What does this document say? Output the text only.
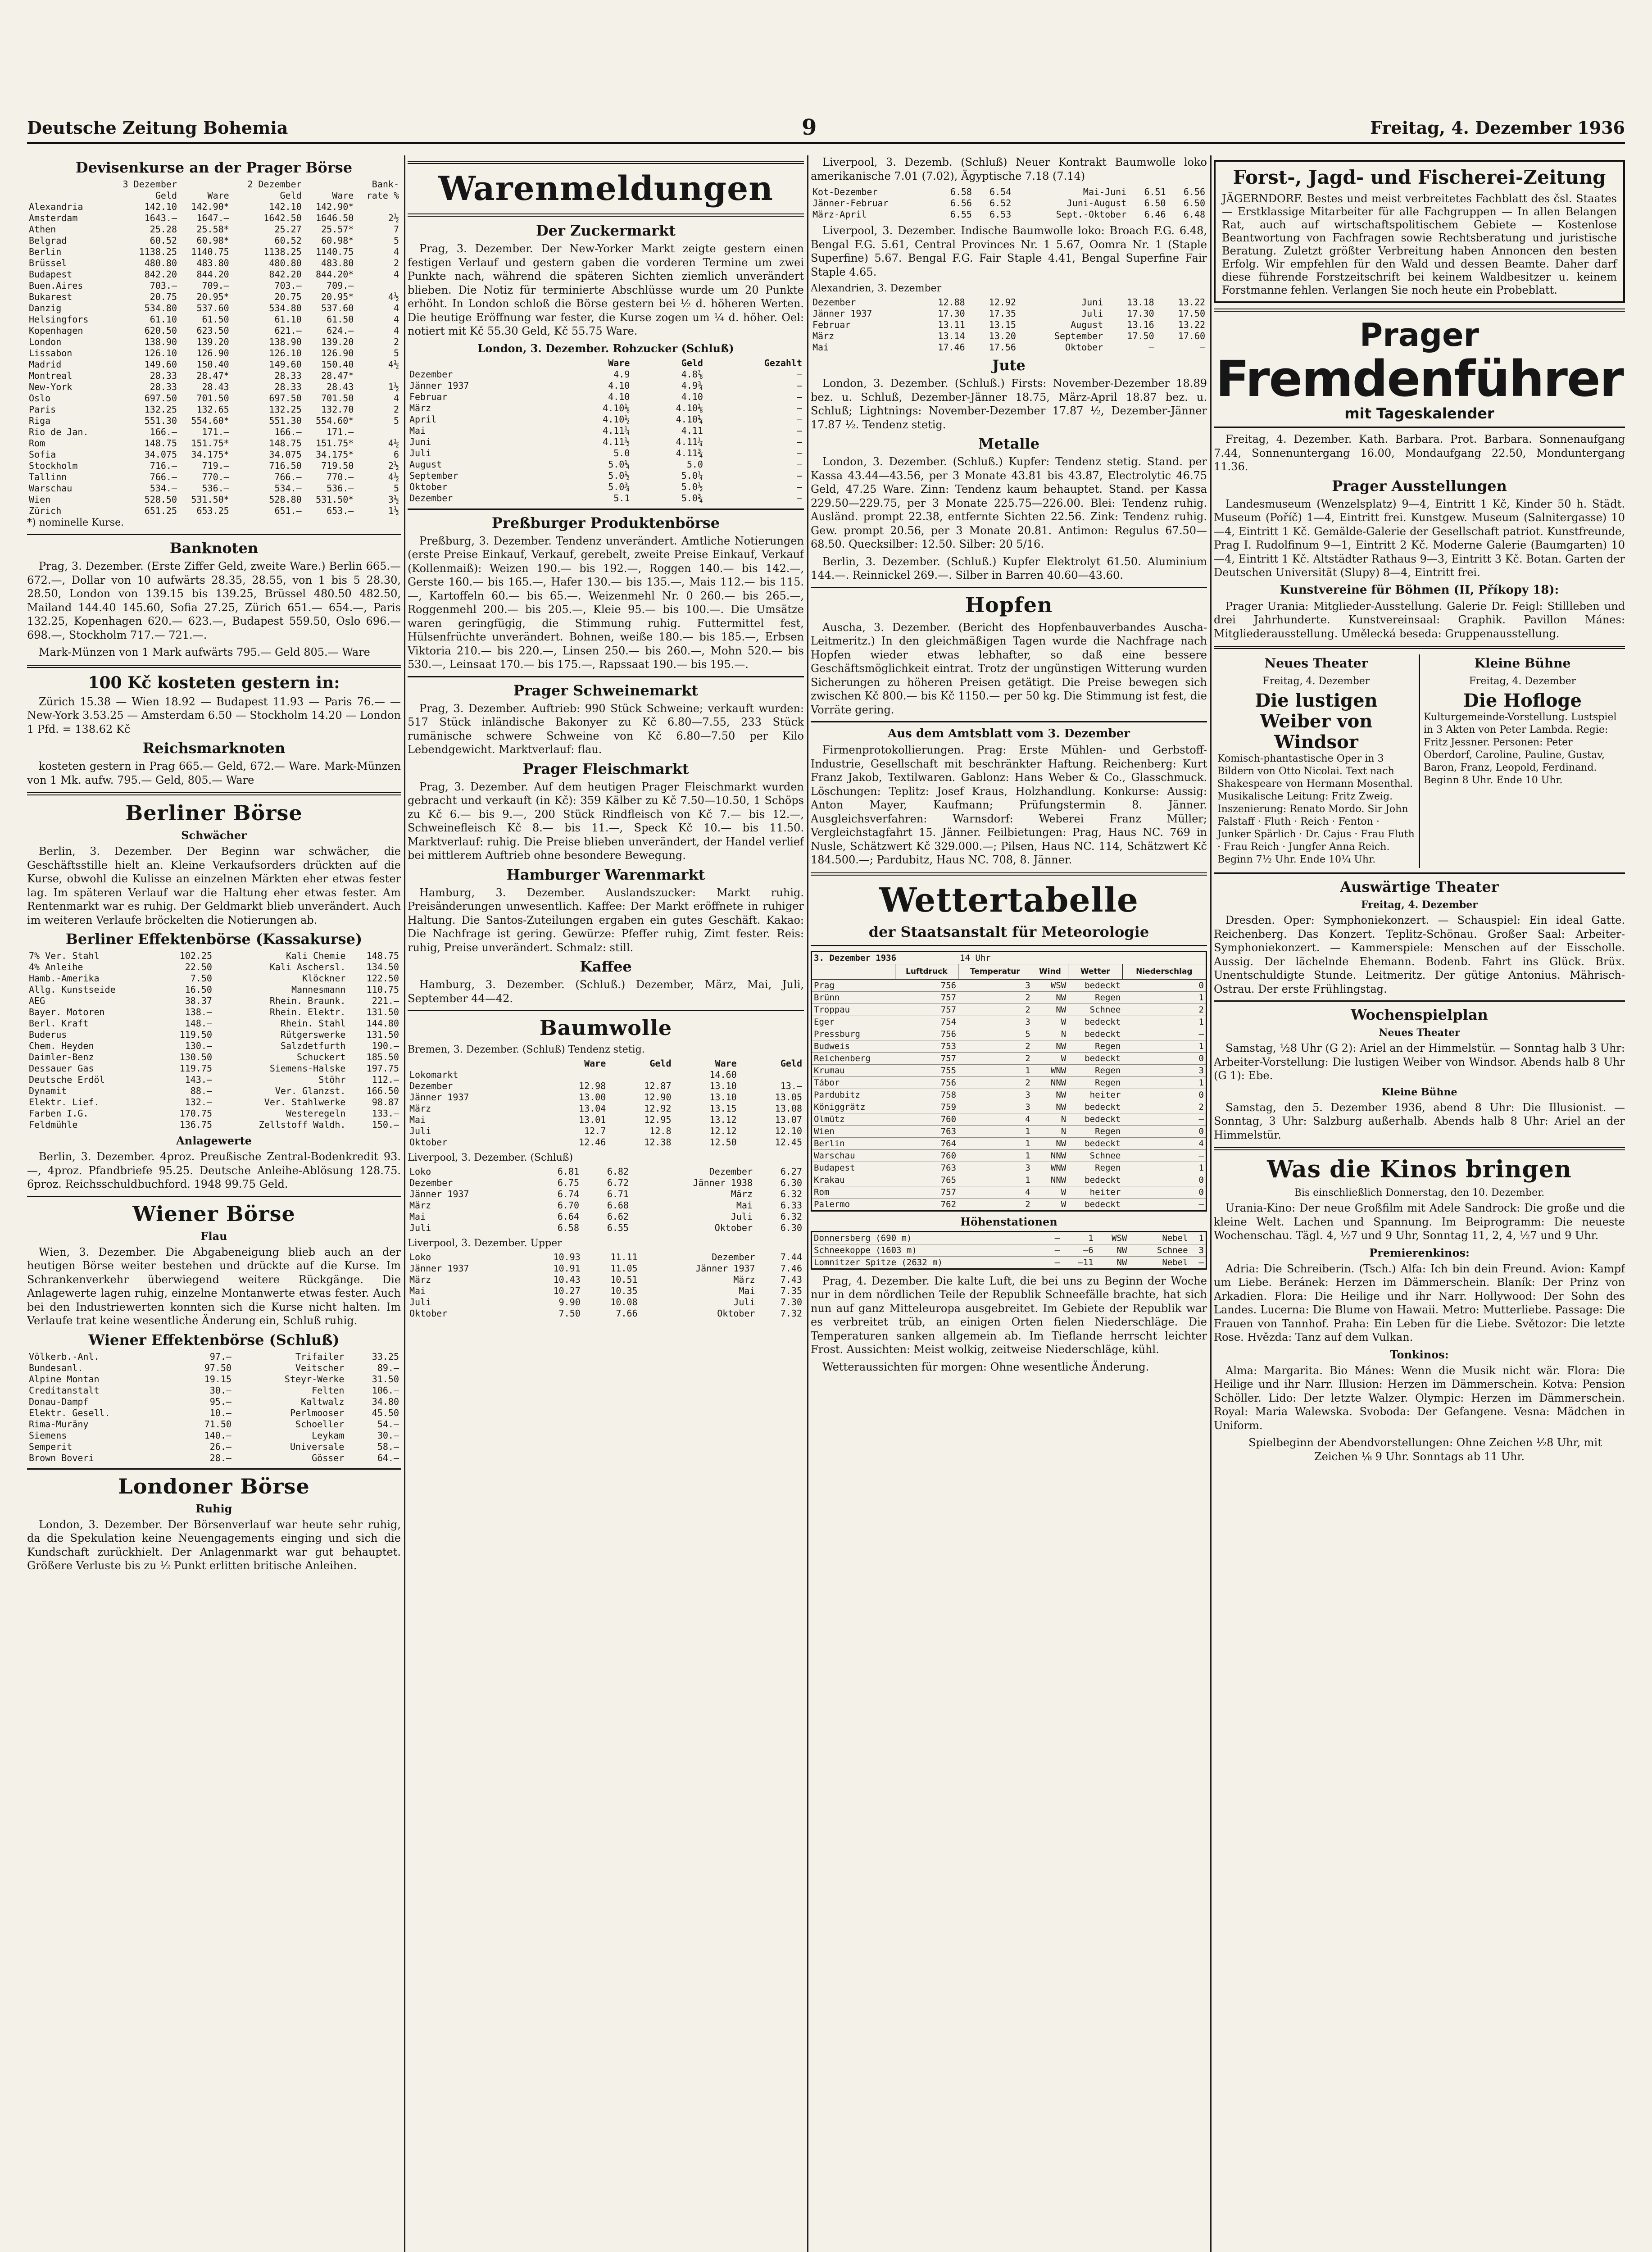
Deutsche Zeitung Bohemia	9	Freitag, 4. Dezember 1936
Devisenkurse an der Prager Börse
	3 Dezember		2 Dezember		Bank-
	Geld	Ware	Geld	Ware	rate %
Alexandria	142.10	142.90*	142.10	142.90*	
Amsterdam	1643.—	1647.—	1642.50	1646.50	2½
Athen	25.28	25.58*	25.27	25.57*	7
Belgrad	60.52	60.98*	60.52	60.98*	5
Berlin	1138.25	1140.75	1138.25	1140.75	4
Brüssel	480.80	483.80	480.80	483.80	2
Budapest	842.20	844.20	842.20	844.20*	4
Buen.Aires	703.—	709.—	703.—	709.—	
Bukarest	20.75	20.95*	20.75	20.95*	4½
Danzig	534.80	537.60	534.80	537.60	4
Helsingfors	61.10	61.50	61.10	61.50	4
Kopenhagen	620.50	623.50	621.—	624.—	4
London	138.90	139.20	138.90	139.20	2
Lissabon	126.10	126.90	126.10	126.90	5
Madrid	149.60	150.40	149.60	150.40	4½
Montreal	28.33	28.47*	28.33	28.47*	
New-York	28.33	28.43	28.33	28.43	1½
Oslo	697.50	701.50	697.50	701.50	4
Paris	132.25	132.65	132.25	132.70	2
Riga	551.30	554.60*	551.30	554.60*	5
Rio de Jan.	166.—	171.—	166.—	171.—	
Rom	148.75	151.75*	148.75	151.75*	4½
Sofia	34.075	34.175*	34.075	34.175*	6
Stockholm	716.—	719.—	716.50	719.50	2½
Tallinn	766.—	770.—	766.—	770.—	4½
Warschau	534.—	536.—	534.—	536.—	5
Wien	528.50	531.50*	528.80	531.50*	3½
Zürich	651.25	653.25	651.—	653.—	1½

*) nominelle Kurse.

Banknoten

Prag, 3. Dezember. (Erste Ziffer Geld, zweite Ware.) Berlin 665.—672.—, Dollar von 10 aufwärts 28.35, 28.55, von 1 bis 5 28.30, 28.50, London von 139.15 bis 139.25, Brüssel 480.50 482.50, Mailand 144.40 145.60, Sofia 27.25, Zürich 651.— 654.—, Paris 132.25, Kopenhagen 620.— 623.—, Budapest 559.50, Oslo 696.— 698.—, Stockholm 717.— 721.—.

Mark-Münzen von 1 Mark aufwärts 795.— Geld 805.— Ware

100 Kč kosteten gestern in:

Zürich 15.38 — Wien 18.92 — Budapest 11.93 — Paris 76.— — New-York 3.53.25 — Amsterdam 6.50 — Stockholm 14.20 — London 1 Pfd. = 138.62 Kč

Reichsmarknoten

kosteten gestern in Prag 665.— Geld, 672.— Ware. Mark-Münzen von 1 Mk. aufw. 795.— Geld, 805.— Ware

Berliner Börse
Schwächer

Berlin, 3. Dezember. Der Beginn war schwächer, die Geschäftsstille hielt an. Kleine Verkaufsorders drückten auf die Kurse, obwohl die Kulisse an einzelnen Märkten eher etwas fester lag. Im späteren Verlauf war die Haltung eher etwas fester. Am Rentenmarkt war es ruhig. Der Geldmarkt blieb unverändert. Auch im weiteren Verlaufe bröckelten die Notierungen ab.

Berliner Effektenbörse (Kassakurse)
7% Ver. Stahl	102.25	Kali Chemie	148.75
4% Anleihe	22.50	Kali Aschersl.	134.50
Hamb.-Amerika	7.50	Klöckner	122.50
Allg. Kunstseide	16.50	Mannesmann	110.75
AEG	38.37	Rhein. Braunk.	221.—
Bayer. Motoren	138.—	Rhein. Elektr.	131.50
Berl. Kraft	148.—	Rhein. Stahl	144.80
Buderus	119.50	Rütgerswerke	131.50
Chem. Heyden	130.—	Salzdetfurth	190.—
Daimler-Benz	130.50	Schuckert	185.50
Dessauer Gas	119.75	Siemens-Halske	197.75
Deutsche Erdöl	143.—	Stöhr	112.—
Dynamit	88.—	Ver. Glanzst.	166.50
Elektr. Lief.	132.—	Ver. Stahlwerke	98.87
Farben I.G.	170.75	Westeregeln	133.—
Feldmühle	136.75	Zellstoff Waldh.	150.—
Anlagewerte

Berlin, 3. Dezember. 4proz. Preußische Zentral-Bodenkredit 93.—, 4proz. Pfandbriefe 95.25. Deutsche Anleihe-Ablösung 128.75. 6proz. Reichsschuldbuchford. 1948 99.75 Geld.

Wiener Börse
Flau

Wien, 3. Dezember. Die Abgabeneigung blieb auch an der heutigen Börse weiter bestehen und drückte auf die Kurse. Im Schrankenverkehr überwiegend weitere Rückgänge. Die Anlagewerte lagen ruhig, einzelne Montanwerte etwas fester. Auch bei den Industriewerten konnten sich die Kurse nicht halten. Im Verlaufe trat keine wesentliche Änderung ein, Schluß ruhig.

Wiener Effektenbörse (Schluß)
Völkerb.-Anl.	97.—	Trifailer	33.25
Bundesanl.	97.50	Veitscher	89.—
Alpine Montan	19.15	Steyr-Werke	31.50
Creditanstalt	30.—	Felten	106.—
Donau-Dampf	95.—	Kaltwalz	34.80
Elektr. Gesell.	10.—	Perlmooser	45.50
Rima-Muräny	71.50	Schoeller	54.—
Siemens	140.—	Leykam	30.—
Semperit	26.—	Universale	58.—
Brown Boveri	28.—	Gösser	64.—
Londoner Börse
Ruhig

London, 3. Dezember. Der Börsenverlauf war heute sehr ruhig, da die Spekulation keine Neuengagements einging und sich die Kundschaft zurückhielt. Der Anlagenmarkt war gut behauptet. Größere Verluste bis zu ½ Punkt erlitten britische Anleihen.

Warenmeldungen
Der Zuckermarkt

Prag, 3. Dezember. Der New-Yorker Markt zeigte gestern einen festigen Verlauf und gestern gaben die vorderen Termine um zwei Punkte nach, während die späteren Sichten ziemlich unverändert blieben. Die Notiz für terminierte Abschlüsse wurde um 20 Punkte erhöht. In London schloß die Börse gestern bei ½ d. höheren Werten. Die heutige Eröffnung war fester, die Kurse zogen um ¼ d. höher. Oel: notiert mit Kč 55.30 Geld, Kč 55.75 Ware.

London, 3. Dezember. Rohzucker (Schluß)
	Ware	Geld	Gezahlt
Dezember	4.9	4.8⅞	—
Jänner 1937	4.10	4.9¾	—
Februar	4.10	4.10	—
März	4.10⅛	4.10⅛	—
April	4.10½	4.10¼	—
Mai	4.11¼	4.11	—
Juni	4.11½	4.11¼	—
Juli	5.0	4.11¾	—
August	5.0¼	5.0	—
September	5.0½	5.0¼	—
Oktober	5.0¾	5.0½	—
Dezember	5.1	5.0¾	—
Preßburger Produktenbörse

Preßburg, 3. Dezember. Tendenz unverändert. Amtliche Notierungen (erste Preise Einkauf, Verkauf, gerebelt, zweite Preise Einkauf, Verkauf (Kollenmaiß): Weizen 190.— bis 192.—, Roggen 140.— bis 142.—, Gerste 160.— bis 165.—, Hafer 130.— bis 135.—, Mais 112.— bis 115.—, Kartoffeln 60.— bis 65.—. Weizenmehl Nr. 0 260.— bis 265.—, Roggenmehl 200.— bis 205.—, Kleie 95.— bis 100.—. Die Umsätze waren geringfügig, die Stimmung ruhig. Futtermittel fest, Hülsenfrüchte unverändert. Bohnen, weiße 180.— bis 185.—, Erbsen Viktoria 210.— bis 220.—, Linsen 250.— bis 260.—, Mohn 520.— bis 530.—, Leinsaat 170.— bis 175.—, Rapssaat 190.— bis 195.—.

Prager Schweinemarkt

Prag, 3. Dezember. Auftrieb: 990 Stück Schweine; verkauft wurden: 517 Stück inländische Bakonyer zu Kč 6.80—7.55, 233 Stück rumänische schwere Schweine von Kč 6.80—7.50 per Kilo Lebendgewicht. Marktverlauf: flau.

Prager Fleischmarkt

Prag, 3. Dezember. Auf dem heutigen Prager Fleischmarkt wurden gebracht und verkauft (in Kč): 359 Kälber zu Kč 7.50—10.50, 1 Schöps zu Kč 6.— bis 9.—, 200 Stück Rindfleisch von Kč 7.— bis 12.—, Schweinefleisch Kč 8.— bis 11.—, Speck Kč 10.— bis 11.50. Marktverlauf: ruhig. Die Preise blieben unverändert, der Handel verlief bei mittlerem Auftrieb ohne besondere Bewegung.

Hamburger Warenmarkt

Hamburg, 3. Dezember. Auslandszucker: Markt ruhig. Preisänderungen unwesentlich. Kaffee: Der Markt eröffnete in ruhiger Haltung. Die Santos-Zuteilungen ergaben ein gutes Geschäft. Kakao: Die Nachfrage ist gering. Gewürze: Pfeffer ruhig, Zimt fester. Reis: ruhig, Preise unverändert. Schmalz: still.

Kaffee

Hamburg, 3. Dezember. (Schluß.) Dezember, März, Mai, Juli, September 44—42.

Baumwolle

Bremen, 3. Dezember. (Schluß) Tendenz stetig.

	Ware	Geld	Ware	Geld
Lokomarkt			14.60	
Dezember	12.98	12.87	13.10	13.—
Jänner 1937	13.00	12.90	13.10	13.05
März	13.04	12.92	13.15	13.08
Mai	13.01	12.95	13.12	13.07
Juli	12.7	12.8	12.12	12.10
Oktober	12.46	12.38	12.50	12.45

Liverpool, 3. Dezember. (Schluß)

Loko	6.81	6.82	Dezember	6.27
Dezember	6.75	6.72	Jänner 1938	6.30
Jänner 1937	6.74	6.71	März	6.32
März	6.70	6.68	Mai	6.33
Mai	6.64	6.62	Juli	6.32
Juli	6.58	6.55	Oktober	6.30

Liverpool, 3. Dezember. Upper

Loko	10.93	11.11	Dezember	7.44
Jänner 1937	10.91	11.05	Jänner 1937	7.46
März	10.43	10.51	März	7.43
Mai	10.27	10.35	Mai	7.35
Juli	9.90	10.08	Juli	7.30
Oktober	7.50	7.66	Oktober	7.32

Liverpool, 3. Dezemb. (Schluß) Neuer Kontrakt Baumwolle loko amerikanische 7.01 (7.02), Ägyptische 7.18 (7.14)

Kot-Dezember	6.58	6.54	Mai-Juni	6.51	6.56
Jänner-Februar	6.56	6.52	Juni-August	6.50	6.50
März-April	6.55	6.53	Sept.-Oktober	6.46	6.48

Liverpool, 3. Dezember. Indische Baumwolle loko: Broach F.G. 6.48, Bengal F.G. 5.61, Central Provinces Nr. 1 5.67, Oomra Nr. 1 (Staple Superfine) 5.67. Bengal F.G. Fair Staple 4.41, Bengal Superfine Fair Staple 4.65.

Alexandrien, 3. Dezember

Dezember	12.88	12.92	Juni	13.18	13.22
Jänner 1937	17.30	17.35	Juli	17.30	17.50
Februar	13.11	13.15	August	13.16	13.22
März	13.14	13.20	September	17.50	17.60
Mai	17.46	17.56	Oktober	—	—
Jute

London, 3. Dezember. (Schluß.) Firsts: November-Dezember 18.89 bez. u. Schluß, Dezember-Jänner 18.75, März-April 18.87 bez. u. Schluß; Lightnings: November-Dezember 17.87 ½, Dezember-Jänner 17.87 ½. Tendenz stetig.

Metalle

London, 3. Dezember. (Schluß.) Kupfer: Tendenz stetig. Stand. per Kassa 43.44—43.56, per 3 Monate 43.81 bis 43.87, Electrolytic 46.75 Geld, 47.25 Ware. Zinn: Tendenz kaum behauptet. Stand. per Kassa 229.50—229.75, per 3 Monate 225.75—226.00. Blei: Tendenz ruhig. Ausländ. prompt 22.38, entfernte Sichten 22.56. Zink: Tendenz ruhig. Gew. prompt 20.56, per 3 Monate 20.81. Antimon: Regulus 67.50—68.50. Quecksilber: 12.50. Silber: 20 5/16.

Berlin, 3. Dezember. (Schluß.) Kupfer Elektrolyt 61.50. Aluminium 144.—. Reinnickel 269.—. Silber in Barren 40.60—43.60.

Hopfen

Auscha, 3. Dezember. (Bericht des Hopfenbauverbandes Auscha-Leitmeritz.) In den gleichmäßigen Tagen wurde die Nachfrage nach Hopfen wieder etwas lebhafter, so daß eine bessere Geschäftsmöglichkeit eintrat. Trotz der ungünstigen Witterung wurden Sicherungen zu höheren Preisen getätigt. Die Preise bewegen sich zwischen Kč 800.— bis Kč 1150.— per 50 kg. Die Stimmung ist fest, die Vorräte gering.

Aus dem Amtsblatt vom 3. Dezember

Firmenprotokollierungen. Prag: Erste Mühlen- und Gerbstoff-Industrie, Gesellschaft mit beschränkter Haftung. Reichenberg: Kurt Franz Jakob, Textilwaren. Gablonz: Hans Weber & Co., Glasschmuck. Löschungen: Teplitz: Josef Kraus, Holzhandlung. Konkurse: Aussig: Anton Mayer, Kaufmann; Prüfungstermin 8. Jänner. Ausgleichsverfahren: Warnsdorf: Weberei Franz Müller; Vergleichstagfahrt 15. Jänner. Feilbietungen: Prag, Haus NC. 769 in Nusle, Schätzwert Kč 329.000.—; Pilsen, Haus NC. 114, Schätzwert Kč 184.500.—; Pardubitz, Haus NC. 708, 8. Jänner.

Wettertabelle
der Staatsanstalt für Meteorologie
3. Dezember 1936		14 Uhr			
	Luftdruck	Temperatur	Wind	Wetter	Niederschlag
Prag	756	3	WSW	bedeckt	0
Brünn	757	2	NW	Regen	1
Troppau	757	2	NW	Schnee	2
Eger	754	3	W	bedeckt	1
Pressburg	756	5	N	bedeckt	—
Budweis	753	2	NW	Regen	1
Reichenberg	757	2	W	bedeckt	0
Krumau	755	1	WNW	Regen	3
Tábor	756	2	NNW	Regen	1
Pardubitz	758	3	NW	heiter	0
Königgrätz	759	3	NW	bedeckt	2
Olmütz	760	4	N	bedeckt	—
Wien	763	1	N	Regen	0
Berlin	764	1	NW	bedeckt	4
Warschau	760	1	NNW	Schnee	—
Budapest	763	3	WNW	Regen	1
Krakau	765	1	NNW	bedeckt	0
Rom	757	4	W	heiter	0
Palermo	762	2	W	bedeckt	—
Höhenstationen
Donnersberg (690 m)	—	1	WSW	Nebel	1
Schneekoppe (1603 m)	—	—6	NW	Schnee	3
Lomnitzer Spitze (2632 m)	—	—11	NW	Nebel	—

Prag, 4. Dezember. Die kalte Luft, die bei uns zu Beginn der Woche nur in dem nördlichen Teile der Republik Schneefälle brachte, hat sich nun auf ganz Mitteleuropa ausgebreitet. Im Gebiete der Republik war es verbreitet trüb, an einigen Orten fielen Niederschläge. Die Temperaturen sanken allgemein ab. Im Tieflande herrscht leichter Frost. Aussichten: Meist wolkig, zeitweise Niederschläge, kühl.

Wetteraussichten für morgen: Ohne wesentliche Änderung.

Forst-, Jagd- und Fischerei-Zeitung

JÄGERNDORF. Bestes und meist verbreitetes Fachblatt des čsl. Staates — Erstklassige Mitarbeiter für alle Fachgruppen — In allen Belangen Rat, auch auf wirtschaftspolitischem Gebiete — Kostenlose Beantwortung von Fachfragen sowie Rechtsberatung und juristische Beratung. Zuletzt größter Verbreitung haben Annoncen den besten Erfolg. Wir empfehlen für den Wald und dessen Beamte. Daher darf diese führende Forstzeitschrift bei keinem Waldbesitzer u. keinem Forstmanne fehlen. Verlangen Sie noch heute ein Probeblatt.
Prager
Fremdenführer
mit Tageskalender

Freitag, 4. Dezember. Kath. Barbara. Prot. Barbara. Sonnenaufgang 7.44, Sonnenuntergang 16.00, Mondaufgang 22.50, Monduntergang 11.36.

Prager Ausstellungen

Landesmuseum (Wenzelsplatz) 9—4, Eintritt 1 Kč, Kinder 50 h. Städt. Museum (Poříč) 1—4, Eintritt frei. Kunstgew. Museum (Salnitergasse) 10—4, Eintritt 1 Kč. Gemälde-Galerie der Gesellschaft patriot. Kunstfreunde, Prag I. Rudolfinum 9—1, Eintritt 2 Kč. Moderne Galerie (Baumgarten) 10—4, Eintritt 1 Kč. Altstädter Rathaus 9—3, Eintritt 3 Kč. Botan. Garten der Deutschen Universität (Slupy) 8—4, Eintritt frei.

Kunstvereine für Böhmen (II, Příkopy 18):

Prager Urania: Mitglieder-Ausstellung. Galerie Dr. Feigl: Stillleben und drei Jahrhunderte. Kunstvereinsaal: Graphik. Pavillon Mánes: Mitgliederausstellung. Umělecká beseda: Gruppenausstellung.

Neues Theater
Freitag, 4. Dezember
Die lustigen Weiber von Windsor

Komisch-phantastische Oper in 3 Bildern von Otto Nicolai. Text nach Shakespeare von Hermann Mosenthal. Musikalische Leitung: Fritz Zweig. Inszenierung: Renato Mordo. Sir John Falstaff · Fluth · Reich · Fenton · Junker Spärlich · Dr. Cajus · Frau Fluth · Frau Reich · Jungfer Anna Reich. Beginn 7½ Uhr. Ende 10¼ Uhr.

Kleine Bühne
Freitag, 4. Dezember
Die Hofloge

Kulturgemeinde-Vorstellung. Lustspiel in 3 Akten von Peter Lambda. Regie: Fritz Jessner. Personen: Peter Oberdorf, Caroline, Pauline, Gustav, Baron, Franz, Leopold, Ferdinand. Beginn 8 Uhr. Ende 10 Uhr.

Auswärtige Theater
Freitag, 4. Dezember

Dresden. Oper: Symphoniekonzert. — Schauspiel: Ein ideal Gatte. Reichenberg. Das Konzert. Teplitz-Schönau. Großer Saal: Arbeiter-Symphoniekonzert. — Kammerspiele: Menschen auf der Eisscholle. Aussig. Der lächelnde Ehemann. Bodenb. Fahrt ins Glück. Brüx. Unentschuldigte Stunde. Leitmeritz. Der gütige Antonius. Mährisch-Ostrau. Der erste Frühlingstag.

Wochenspielplan
Neues Theater

Samstag, ½8 Uhr (G 2): Ariel an der Himmelstür. — Sonntag halb 3 Uhr: Arbeiter-Vorstellung: Die lustigen Weiber von Windsor. Abends halb 8 Uhr (G 1): Ebe.

Kleine Bühne

Samstag, den 5. Dezember 1936, abend 8 Uhr: Die Illusionist. — Sonntag, 3 Uhr: Salzburg außerhalb. Abends halb 8 Uhr: Ariel an der Himmelstür.

Was die Kinos bringen

Bis einschließlich Donnerstag, den 10. Dezember.

Urania-Kino: Der neue Großfilm mit Adele Sandrock: Die große und die kleine Welt. Lachen und Spannung. Im Beiprogramm: Die neueste Wochenschau. Tägl. 4, ½7 und 9 Uhr, Sonntag 11, 2, 4, ½7 und 9 Uhr.

Premierenkinos:

Adria: Die Schreiberin. (Tsch.) Alfa: Ich bin dein Freund. Avion: Kampf um Liebe. Beránek: Herzen im Dämmerschein. Blaník: Der Prinz von Arkadien. Flora: Die Heilige und ihr Narr. Hollywood: Der Sohn des Landes. Lucerna: Die Blume von Hawaii. Metro: Mutterliebe. Passage: Die Frauen von Tannhof. Praha: Ein Leben für die Liebe. Světozor: Die letzte Rose. Hvězda: Tanz auf dem Vulkan.

Tonkinos:

Alma: Margarita. Bio Mánes: Wenn die Musik nicht wär. Flora: Die Heilige und ihr Narr. Illusion: Herzen im Dämmerschein. Kotva: Pension Schöller. Lido: Der letzte Walzer. Olympic: Herzen im Dämmerschein. Royal: Maria Walewska. Svoboda: Der Gefangene. Vesna: Mädchen in Uniform.

Spielbeginn der Abendvorstellungen: Ohne Zeichen ½8 Uhr, mit Zeichen ⅛ 9 Uhr. Sonntags ab 11 Uhr.
